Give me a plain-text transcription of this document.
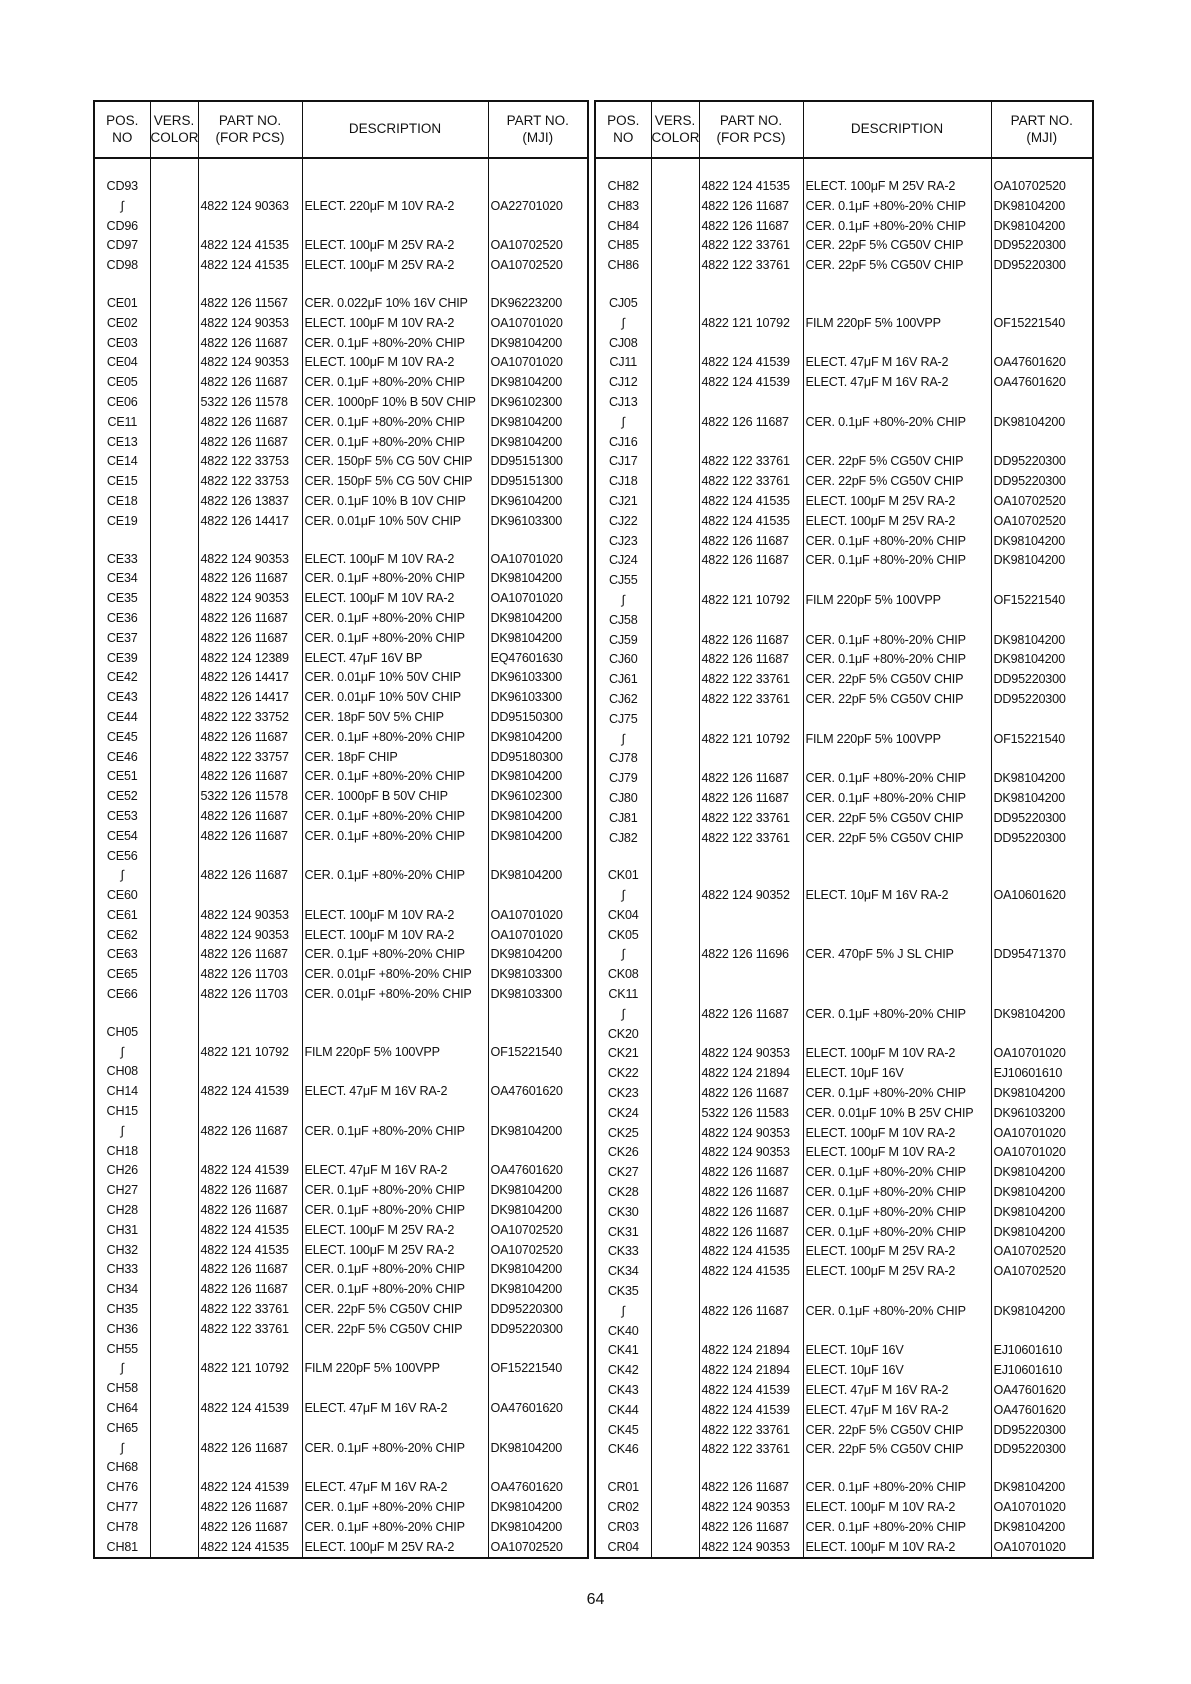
POS.
NO	VERS.
COLOR	PART NO.
(FOR PCS)	DESCRIPTION	PART NO.
(MJI)

CD93				
∫		4822 124 90363	ELECT. 220μF M 10V RA-2	OA22701020
CD96				
CD97		4822 124 41535	ELECT. 100μF M 25V RA-2	OA10702520
CD98		4822 124 41535	ELECT. 100μF M 25V RA-2	OA10702520

CE01		4822 126 11567	CER. 0.022μF 10% 16V CHIP	DK96223200
CE02		4822 124 90353	ELECT. 100μF M 10V RA-2	OA10701020
CE03		4822 126 11687	CER. 0.1μF +80%-20% CHIP	DK98104200
CE04		4822 124 90353	ELECT. 100μF M 10V RA-2	OA10701020
CE05		4822 126 11687	CER. 0.1μF +80%-20% CHIP	DK98104200
CE06		5322 126 11578	CER. 1000pF 10% B 50V CHIP	DK96102300
CE11		4822 126 11687	CER. 0.1μF +80%-20% CHIP	DK98104200
CE13		4822 126 11687	CER. 0.1μF +80%-20% CHIP	DK98104200
CE14		4822 122 33753	CER. 150pF 5% CG 50V CHIP	DD95151300
CE15		4822 122 33753	CER. 150pF 5% CG 50V CHIP	DD95151300
CE18		4822 126 13837	CER. 0.1μF 10% B 10V CHIP	DK96104200
CE19		4822 126 14417	CER. 0.01μF 10% 50V CHIP	DK96103300

CE33		4822 124 90353	ELECT. 100μF M 10V RA-2	OA10701020
CE34		4822 126 11687	CER. 0.1μF +80%-20% CHIP	DK98104200
CE35		4822 124 90353	ELECT. 100μF M 10V RA-2	OA10701020
CE36		4822 126 11687	CER. 0.1μF +80%-20% CHIP	DK98104200
CE37		4822 126 11687	CER. 0.1μF +80%-20% CHIP	DK98104200
CE39		4822 124 12389	ELECT. 47μF 16V BP	EQ47601630
CE42		4822 126 14417	CER. 0.01μF 10% 50V CHIP	DK96103300
CE43		4822 126 14417	CER. 0.01μF 10% 50V CHIP	DK96103300
CE44		4822 122 33752	CER. 18pF 50V 5% CHIP	DD95150300
CE45		4822 126 11687	CER. 0.1μF +80%-20% CHIP	DK98104200
CE46		4822 122 33757	CER. 18pF CHIP	DD95180300
CE51		4822 126 11687	CER. 0.1μF +80%-20% CHIP	DK98104200
CE52		5322 126 11578	CER. 1000pF B 50V CHIP	DK96102300
CE53		4822 126 11687	CER. 0.1μF +80%-20% CHIP	DK98104200
CE54		4822 126 11687	CER. 0.1μF +80%-20% CHIP	DK98104200
CE56				
∫		4822 126 11687	CER. 0.1μF +80%-20% CHIP	DK98104200
CE60				
CE61		4822 124 90353	ELECT. 100μF M 10V RA-2	OA10701020
CE62		4822 124 90353	ELECT. 100μF M 10V RA-2	OA10701020
CE63		4822 126 11687	CER. 0.1μF +80%-20% CHIP	DK98104200
CE65		4822 126 11703	CER. 0.01μF +80%-20% CHIP	DK98103300
CE66		4822 126 11703	CER. 0.01μF +80%-20% CHIP	DK98103300

CH05				
∫		4822 121 10792	FILM 220pF 5% 100VPP	OF15221540
CH08				
CH14		4822 124 41539	ELECT. 47μF M 16V RA-2	OA47601620
CH15				
∫		4822 126 11687	CER. 0.1μF +80%-20% CHIP	DK98104200
CH18				
CH26		4822 124 41539	ELECT. 47μF M 16V RA-2	OA47601620
CH27		4822 126 11687	CER. 0.1μF +80%-20% CHIP	DK98104200
CH28		4822 126 11687	CER. 0.1μF +80%-20% CHIP	DK98104200
CH31		4822 124 41535	ELECT. 100μF M 25V RA-2	OA10702520
CH32		4822 124 41535	ELECT. 100μF M 25V RA-2	OA10702520
CH33		4822 126 11687	CER. 0.1μF +80%-20% CHIP	DK98104200
CH34		4822 126 11687	CER. 0.1μF +80%-20% CHIP	DK98104200
CH35		4822 122 33761	CER. 22pF 5% CG50V CHIP	DD95220300
CH36		4822 122 33761	CER. 22pF 5% CG50V CHIP	DD95220300
CH55				
∫		4822 121 10792	FILM 220pF 5% 100VPP	OF15221540
CH58				
CH64		4822 124 41539	ELECT. 47μF M 16V RA-2	OA47601620
CH65				
∫		4822 126 11687	CER. 0.1μF +80%-20% CHIP	DK98104200
CH68				
CH76		4822 124 41539	ELECT. 47μF M 16V RA-2	OA47601620
CH77		4822 126 11687	CER. 0.1μF +80%-20% CHIP	DK98104200
CH78		4822 126 11687	CER. 0.1μF +80%-20% CHIP	DK98104200
CH81		4822 124 41535	ELECT. 100μF M 25V RA-2	OA10702520
POS.
NO	VERS.
COLOR	PART NO.
(FOR PCS)	DESCRIPTION	PART NO.
(MJI)

CH82		4822 124 41535	ELECT. 100μF M 25V RA-2	OA10702520
CH83		4822 126 11687	CER. 0.1μF +80%-20% CHIP	DK98104200
CH84		4822 126 11687	CER. 0.1μF +80%-20% CHIP	DK98104200
CH85		4822 122 33761	CER. 22pF 5% CG50V CHIP	DD95220300
CH86		4822 122 33761	CER. 22pF 5% CG50V CHIP	DD95220300

CJ05				
∫		4822 121 10792	FILM 220pF 5% 100VPP	OF15221540
CJ08				
CJ11		4822 124 41539	ELECT. 47μF M 16V RA-2	OA47601620
CJ12		4822 124 41539	ELECT. 47μF M 16V RA-2	OA47601620
CJ13				
∫		4822 126 11687	CER. 0.1μF +80%-20% CHIP	DK98104200
CJ16				
CJ17		4822 122 33761	CER. 22pF 5% CG50V CHIP	DD95220300
CJ18		4822 122 33761	CER. 22pF 5% CG50V CHIP	DD95220300
CJ21		4822 124 41535	ELECT. 100μF M 25V RA-2	OA10702520
CJ22		4822 124 41535	ELECT. 100μF M 25V RA-2	OA10702520
CJ23		4822 126 11687	CER. 0.1μF +80%-20% CHIP	DK98104200
CJ24		4822 126 11687	CER. 0.1μF +80%-20% CHIP	DK98104200
CJ55				
∫		4822 121 10792	FILM 220pF 5% 100VPP	OF15221540
CJ58				
CJ59		4822 126 11687	CER. 0.1μF +80%-20% CHIP	DK98104200
CJ60		4822 126 11687	CER. 0.1μF +80%-20% CHIP	DK98104200
CJ61		4822 122 33761	CER. 22pF 5% CG50V CHIP	DD95220300
CJ62		4822 122 33761	CER. 22pF 5% CG50V CHIP	DD95220300
CJ75				
∫		4822 121 10792	FILM 220pF 5% 100VPP	OF15221540
CJ78				
CJ79		4822 126 11687	CER. 0.1μF +80%-20% CHIP	DK98104200
CJ80		4822 126 11687	CER. 0.1μF +80%-20% CHIP	DK98104200
CJ81		4822 122 33761	CER. 22pF 5% CG50V CHIP	DD95220300
CJ82		4822 122 33761	CER. 22pF 5% CG50V CHIP	DD95220300

CK01				
∫		4822 124 90352	ELECT. 10μF M 16V RA-2	OA10601620
CK04				
CK05				
∫		4822 126 11696	CER. 470pF 5% J SL CHIP	DD95471370
CK08				
CK11				
∫		4822 126 11687	CER. 0.1μF +80%-20% CHIP	DK98104200
CK20				
CK21		4822 124 90353	ELECT. 100μF M 10V RA-2	OA10701020
CK22		4822 124 21894	ELECT. 10μF 16V	EJ10601610
CK23		4822 126 11687	CER. 0.1μF +80%-20% CHIP	DK98104200
CK24		5322 126 11583	CER. 0.01μF 10% B 25V CHIP	DK96103200
CK25		4822 124 90353	ELECT. 100μF M 10V RA-2	OA10701020
CK26		4822 124 90353	ELECT. 100μF M 10V RA-2	OA10701020
CK27		4822 126 11687	CER. 0.1μF +80%-20% CHIP	DK98104200
CK28		4822 126 11687	CER. 0.1μF +80%-20% CHIP	DK98104200
CK30		4822 126 11687	CER. 0.1μF +80%-20% CHIP	DK98104200
CK31		4822 126 11687	CER. 0.1μF +80%-20% CHIP	DK98104200
CK33		4822 124 41535	ELECT. 100μF M 25V RA-2	OA10702520
CK34		4822 124 41535	ELECT. 100μF M 25V RA-2	OA10702520
CK35				
∫		4822 126 11687	CER. 0.1μF +80%-20% CHIP	DK98104200
CK40				
CK41		4822 124 21894	ELECT. 10μF 16V	EJ10601610
CK42		4822 124 21894	ELECT. 10μF 16V	EJ10601610
CK43		4822 124 41539	ELECT. 47μF M 16V RA-2	OA47601620
CK44		4822 124 41539	ELECT. 47μF M 16V RA-2	OA47601620
CK45		4822 122 33761	CER. 22pF 5% CG50V CHIP	DD95220300
CK46		4822 122 33761	CER. 22pF 5% CG50V CHIP	DD95220300

CR01		4822 126 11687	CER. 0.1μF +80%-20% CHIP	DK98104200
CR02		4822 124 90353	ELECT. 100μF M 10V RA-2	OA10701020
CR03		4822 126 11687	CER. 0.1μF +80%-20% CHIP	DK98104200
CR04		4822 124 90353	ELECT. 100μF M 10V RA-2	OA10701020
64
